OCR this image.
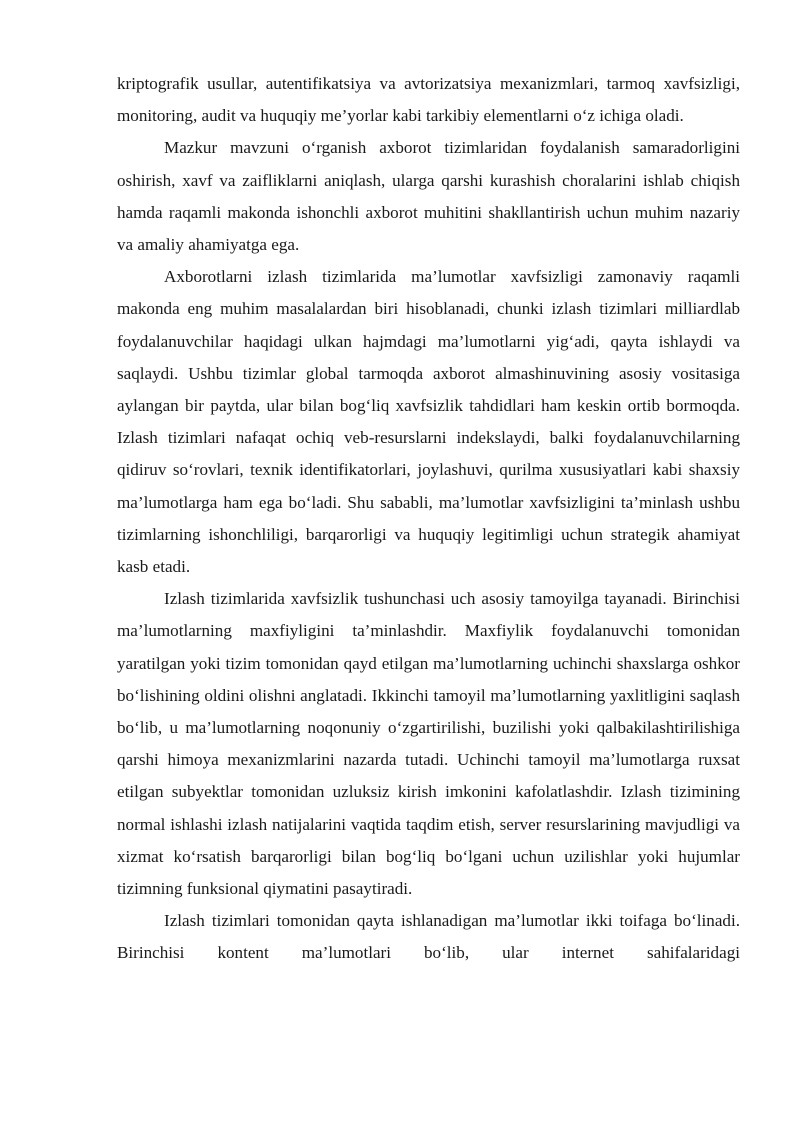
kriptografik usullar, autentifikatsiya va avtorizatsiya mexanizmlari, tarmoq xavfsizligi, monitoring, audit va huquqiy me’yorlar kabi tarkibiy elementlarni o‘z ichiga oladi.

Mazkur mavzuni o‘rganish axborot tizimlaridan foydalanish samaradorligini oshirish, xavf va zaifliklarni aniqlash, ularga qarshi kurashish choralarini ishlab chiqish hamda raqamli makonda ishonchli axborot muhitini shakllantirish uchun muhim nazariy va amaliy ahamiyatga ega.

Axborotlarni izlash tizimlarida ma’lumotlar xavfsizligi zamonaviy raqamli makonda eng muhim masalalardan biri hisoblanadi, chunki izlash tizimlari milliardlab foydalanuvchilar haqidagi ulkan hajmdagi ma’lumotlarni yig‘adi, qayta ishlaydi va saqlaydi. Ushbu tizimlar global tarmoqda axborot almashinuvining asosiy vositasiga aylangan bir paytda, ular bilan bog‘liq xavfsizlik tahdidlari ham keskin ortib bormoqda. Izlash tizimlari nafaqat ochiq veb-resurslarni indekslaydi, balki foydalanuvchilarning qidiruv so‘rovlari, texnik identifikatorlari, joylashuvi, qurilma xususiyatlari kabi shaxsiy ma’lumotlarga ham ega bo‘ladi. Shu sababli, ma’lumotlar xavfsizligini ta’minlash ushbu tizimlarning ishonchliligi, barqarorligi va huquqiy legitimligi uchun strategik ahamiyat kasb etadi.

Izlash tizimlarida xavfsizlik tushunchasi uch asosiy tamoyilga tayanadi. Birinchisi ma’lumotlarning maxfiyligini ta’minlashdir. Maxfiylik foydalanuvchi tomonidan yaratilgan yoki tizim tomonidan qayd etilgan ma’lumotlarning uchinchi shaxslarga oshkor bo‘lishining oldini olishni anglatadi. Ikkinchi tamoyil ma’lumotlarning yaxlitligini saqlash bo‘lib, u ma’lumotlarning noqonuniy o‘zgartirilishi, buzilishi yoki qalbakilashtirilishiga qarshi himoya mexanizmlarini nazarda tutadi. Uchinchi tamoyil ma’lumotlarga ruxsat etilgan subyektlar tomonidan uzluksiz kirish imkonini kafolatlashdir. Izlash tizimining normal ishlashi izlash natijalarini vaqtida taqdim etish, server resurslarining mavjudligi va xizmat ko‘rsatish barqarorligi bilan bog‘liq bo‘lgani uchun uzilishlar yoki hujumlar tizimning funksional qiymatini pasaytiradi.

Izlash tizimlari tomonidan qayta ishlanadigan ma’lumotlar ikki toifaga bo‘linadi. Birinchisi kontent ma’lumotlari bo‘lib, ular internet sahifalaridagi
